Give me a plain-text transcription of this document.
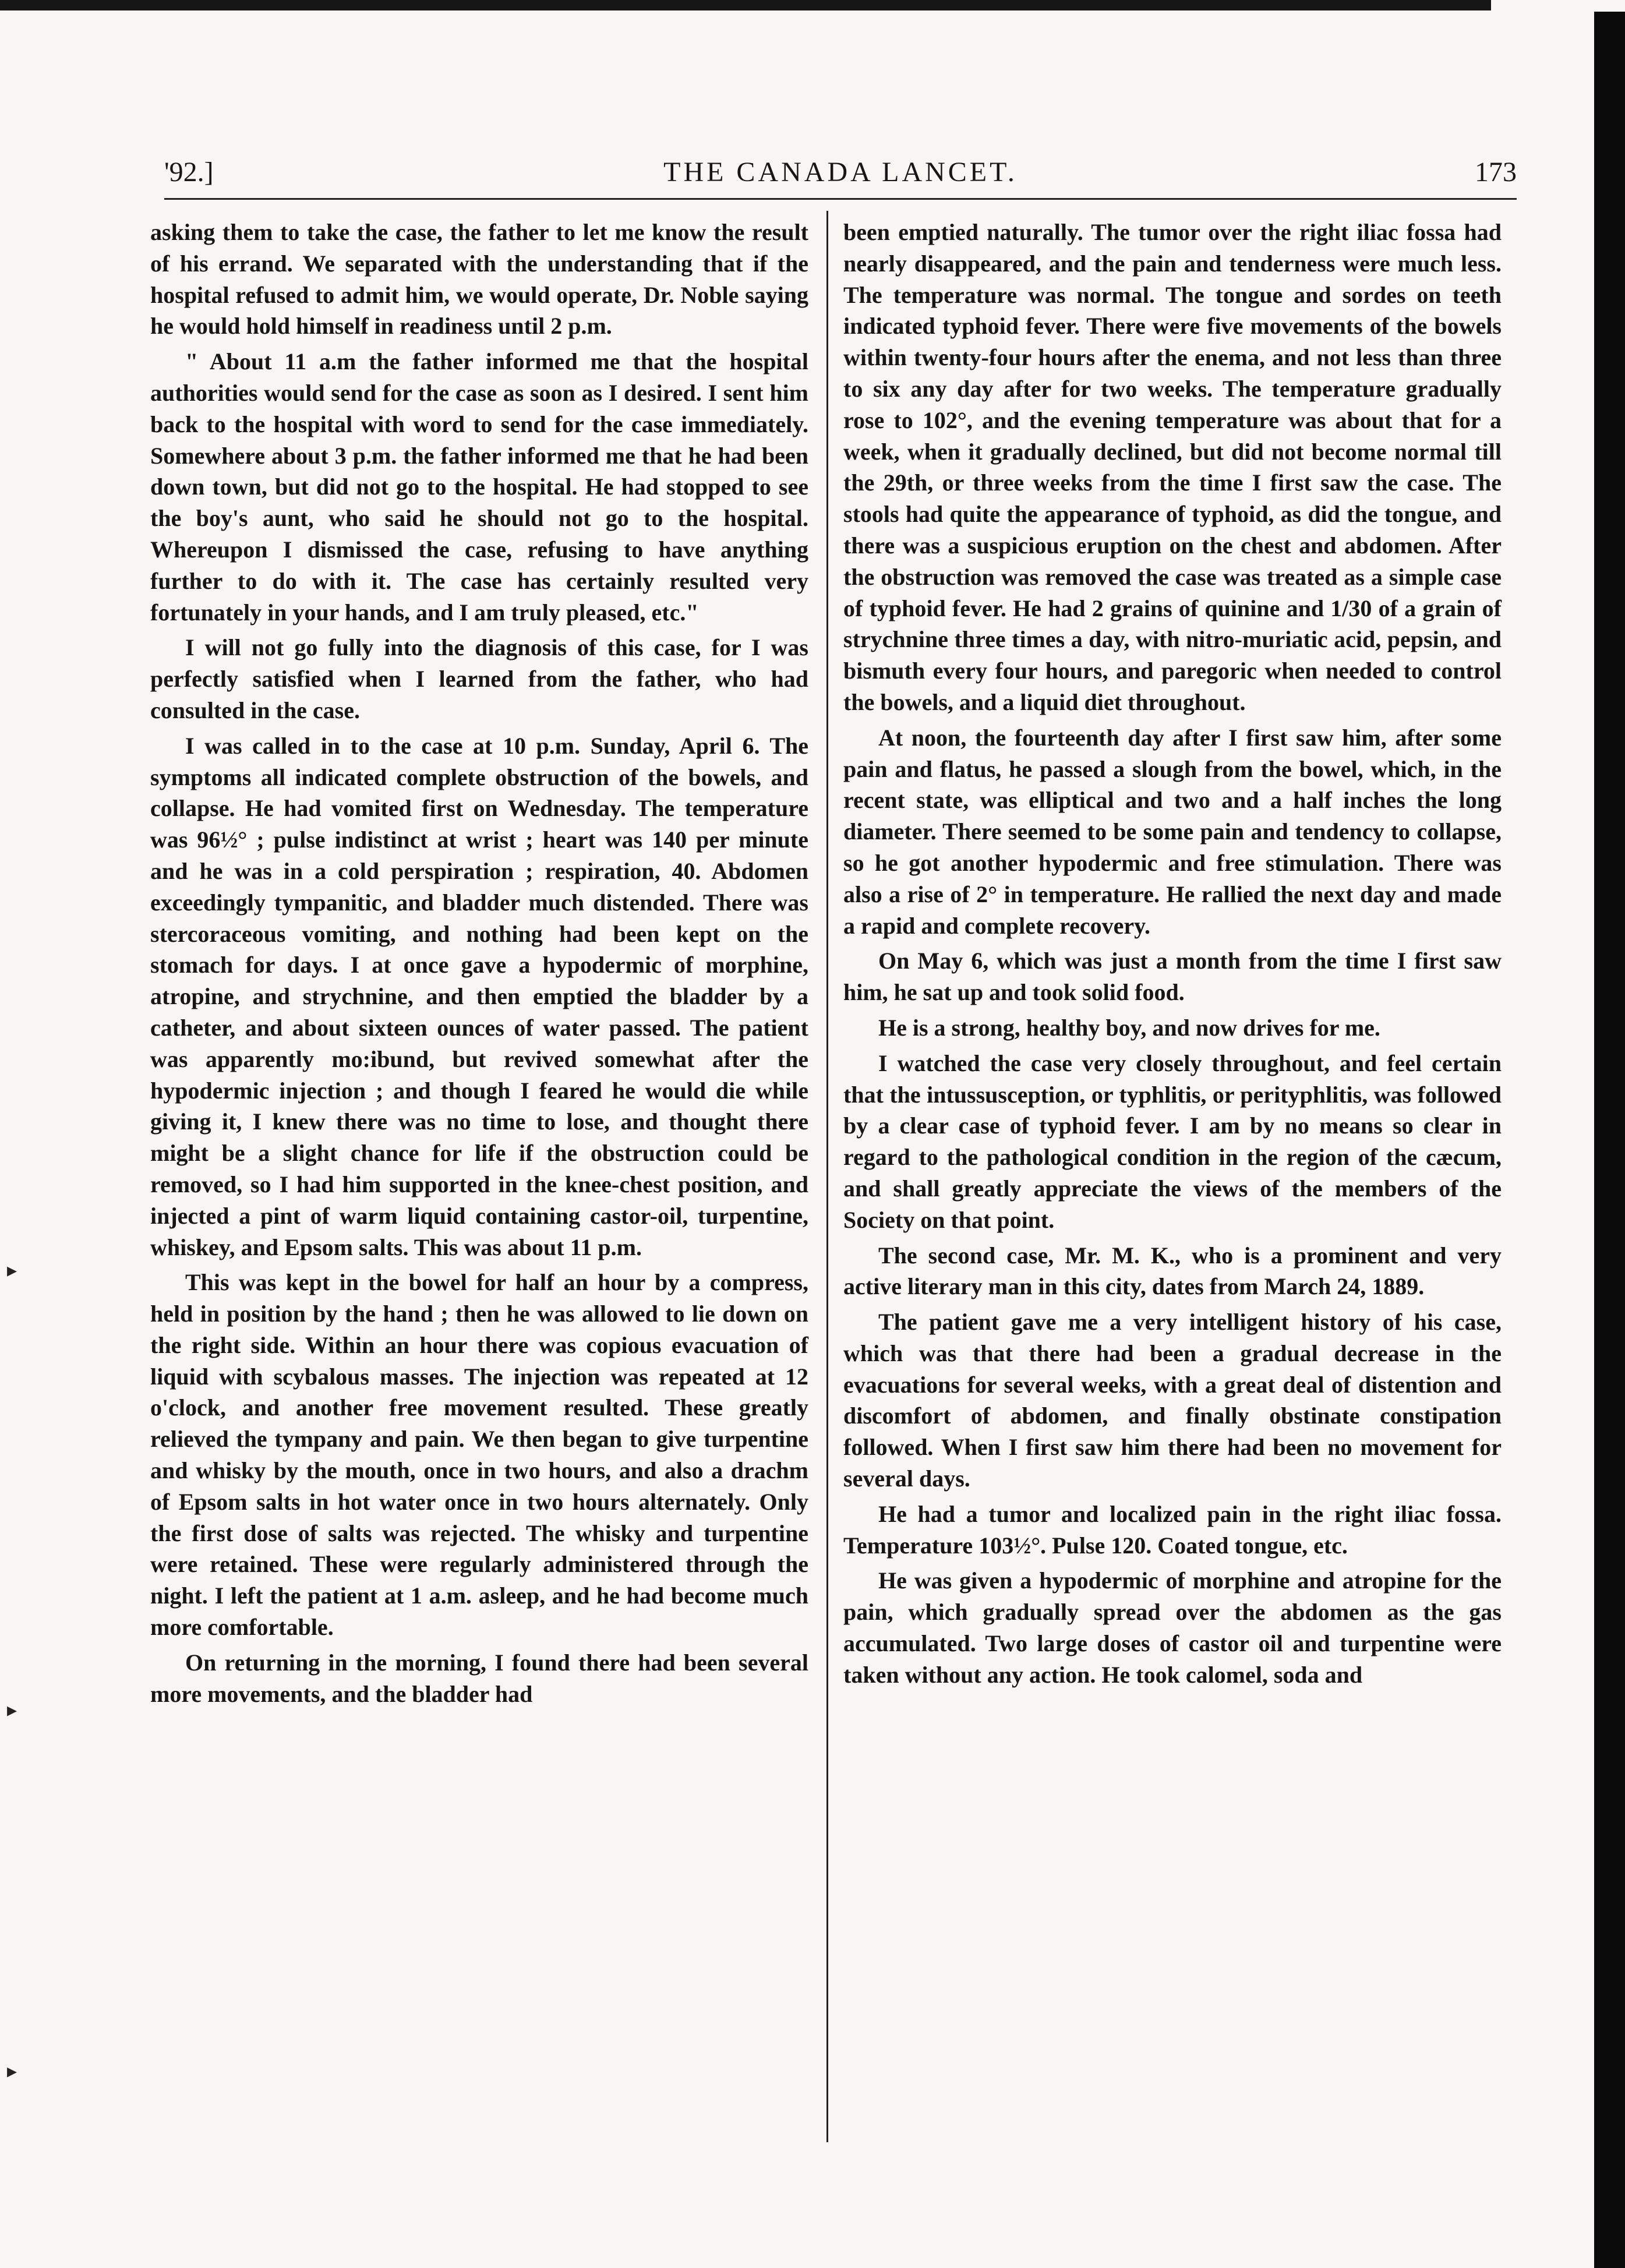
▸
▸
▸
'92.]	THE CANADA LANCET.	173

asking them to take the case, the father to let me know the result of his errand. We separated with the understanding that if the hospital refused to admit him, we would operate, Dr. Noble saying he would hold himself in readiness until 2 p.m.

" About 11 a.m the father informed me that the hospital authorities would send for the case as soon as I desired. I sent him back to the hospital with word to send for the case immediately. Somewhere about 3 p.m. the father informed me that he had been down town, but did not go to the hospital. He had stopped to see the boy's aunt, who said he should not go to the hospital. Whereupon I dismissed the case, refusing to have anything further to do with it. The case has certainly resulted very fortunately in your hands, and I am truly pleased, etc."

I will not go fully into the diagnosis of this case, for I was perfectly satisfied when I learned from the father, who had consulted in the case.

I was called in to the case at 10 p.m. Sunday, April 6. The symptoms all indicated complete obstruction of the bowels, and collapse. He had vomited first on Wednesday. The temperature was 96½° ; pulse indistinct at wrist ; heart was 140 per minute and he was in a cold perspiration ; respiration, 40. Abdomen exceedingly tympanitic, and bladder much distended. There was stercoraceous vomiting, and nothing had been kept on the stomach for days. I at once gave a hypodermic of morphine, atropine, and strychnine, and then emptied the bladder by a catheter, and about sixteen ounces of water passed. The patient was apparently mo:ibund, but revived somewhat after the hypodermic injection ; and though I feared he would die while giving it, I knew there was no time to lose, and thought there might be a slight chance for life if the obstruction could be removed, so I had him supported in the knee-chest position, and injected a pint of warm liquid containing castor-oil, turpentine, whiskey, and Epsom salts. This was about 11 p.m.

This was kept in the bowel for half an hour by a compress, held in position by the hand ; then he was allowed to lie down on the right side. Within an hour there was copious evacuation of liquid with scybalous masses. The injection was repeated at 12 o'clock, and another free movement resulted. These greatly relieved the tympany and pain. We then began to give turpentine and whisky by the mouth, once in two hours, and also a drachm of Epsom salts in hot water once in two hours alternately. Only the first dose of salts was rejected. The whisky and turpentine were retained. These were regularly administered through the night. I left the patient at 1 a.m. asleep, and he had become much more comfortable.

On returning in the morning, I found there had been several more movements, and the bladder had

been emptied naturally. The tumor over the right iliac fossa had nearly disappeared, and the pain and tenderness were much less. The temperature was normal. The tongue and sordes on teeth indicated typhoid fever. There were five movements of the bowels within twenty-four hours after the enema, and not less than three to six any day after for two weeks. The temperature gradually rose to 102°, and the evening temperature was about that for a week, when it gradually declined, but did not become normal till the 29th, or three weeks from the time I first saw the case. The stools had quite the appearance of typhoid, as did the tongue, and there was a suspicious eruption on the chest and abdomen. After the obstruction was removed the case was treated as a simple case of typhoid fever. He had 2 grains of quinine and 1/30 of a grain of strychnine three times a day, with nitro-muriatic acid, pepsin, and bismuth every four hours, and paregoric when needed to control the bowels, and a liquid diet throughout.

At noon, the fourteenth day after I first saw him, after some pain and flatus, he passed a slough from the bowel, which, in the recent state, was elliptical and two and a half inches the long diameter. There seemed to be some pain and tendency to collapse, so he got another hypodermic and free stimulation. There was also a rise of 2° in temperature. He rallied the next day and made a rapid and complete recovery.

On May 6, which was just a month from the time I first saw him, he sat up and took solid food.

He is a strong, healthy boy, and now drives for me.

I watched the case very closely throughout, and feel certain that the intussusception, or typhlitis, or perityphlitis, was followed by a clear case of typhoid fever. I am by no means so clear in regard to the pathological condition in the region of the cæcum, and shall greatly appreciate the views of the members of the Society on that point.

The second case, Mr. M. K., who is a prominent and very active literary man in this city, dates from March 24, 1889.

The patient gave me a very intelligent history of his case, which was that there had been a gradual decrease in the evacuations for several weeks, with a great deal of distention and discomfort of abdomen, and finally obstinate constipation followed. When I first saw him there had been no movement for several days.

He had a tumor and localized pain in the right iliac fossa. Temperature 103½°. Pulse 120. Coated tongue, etc.

He was given a hypodermic of morphine and atropine for the pain, which gradually spread over the abdomen as the gas accumulated. Two large doses of castor oil and turpentine were taken without any action. He took calomel, soda and
